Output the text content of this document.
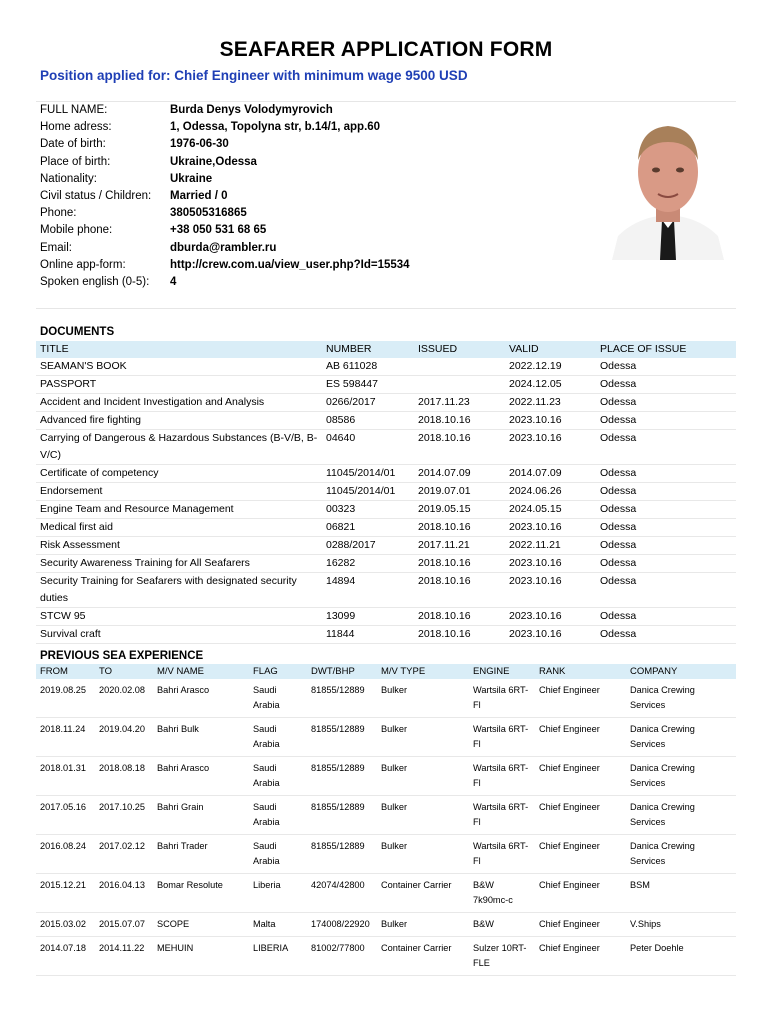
SEAFARER APPLICATION FORM
Position applied for: Chief Engineer with minimum wage 9500 USD
FULL NAME:	Burda Denys Volodymyrovich
Home adress:	1, Odessa, Topolyna str, b.14/1, app.60
Date of birth:	1976-06-30
Place of birth:	Ukraine,Odessa
Nationality:	Ukraine
Civil status / Children:	Married / 0
Phone:	380505316865
Mobile phone:	+38 050 531 68 65
Email:	dburda@rambler.ru
Online app-form:	http://crew.com.ua/view_user.php?Id=15534
Spoken english (0-5):	4
DOCUMENTS
TITLE	NUMBER	ISSUED	VALID	PLACE OF ISSUE
SEAMAN'S BOOK	AB 611028		2022.12.19	Odessa
PASSPORT	ES 598447		2024.12.05	Odessa
Accident and Incident Investigation and Analysis	0266/2017	2017.11.23	2022.11.23	Odessa
Advanced fire fighting	08586	2018.10.16	2023.10.16	Odessa
Carrying of Dangerous & Hazardous Substances (B-V/B, B-V/C)	04640	2018.10.16	2023.10.16	Odessa
Certificate of competency	11045/2014/01	2014.07.09	2014.07.09	Odessa
Endorsement	11045/2014/01	2019.07.01	2024.06.26	Odessa
Engine Team and Resource Management	00323	2019.05.15	2024.05.15	Odessa
Medical first aid	06821	2018.10.16	2023.10.16	Odessa
Risk Assessment	0288/2017	2017.11.21	2022.11.21	Odessa
Security Awareness Training for All Seafarers	16282	2018.10.16	2023.10.16	Odessa
Security Training for Seafarers with designated security duties	14894	2018.10.16	2023.10.16	Odessa
STCW 95	13099	2018.10.16	2023.10.16	Odessa
Survival craft	11844	2018.10.16	2023.10.16	Odessa
PREVIOUS SEA EXPERIENCE
FROM	TO	M/V NAME	FLAG	DWT/BHP	M/V TYPE	ENGINE	RANK	COMPANY
2019.08.25	2020.02.08	Bahri Arasco	Saudi Arabia	81855/12889	Bulker	Wartsila 6RT-Fl	Chief Engineer	Danica Crewing Services
2018.11.24	2019.04.20	Bahri Bulk	Saudi Arabia	81855/12889	Bulker	Wartsila 6RT-Fl	Chief Engineer	Danica Crewing Services
2018.01.31	2018.08.18	Bahri Arasco	Saudi Arabia	81855/12889	Bulker	Wartsila 6RT-Fl	Chief Engineer	Danica Crewing Services
2017.05.16	2017.10.25	Bahri Grain	Saudi Arabia	81855/12889	Bulker	Wartsila 6RT-Fl	Chief Engineer	Danica Crewing Services
2016.08.24	2017.02.12	Bahri Trader	Saudi Arabia	81855/12889	Bulker	Wartsila 6RT-Fl	Chief Engineer	Danica Crewing Services
2015.12.21	2016.04.13	Bomar Resolute	Liberia	42074/42800	Container Carrier	B&W 7k90mc-c	Chief Engineer	BSM
2015.03.02	2015.07.07	SCOPE	Malta	174008/22920	Bulker	B&W	Chief Engineer	V.Ships
2014.07.18	2014.11.22	MEHUIN	LIBERIA	81002/77800	Container Carrier	Sulzer 10RT-FLE	Chief Engineer	Peter Doehle
